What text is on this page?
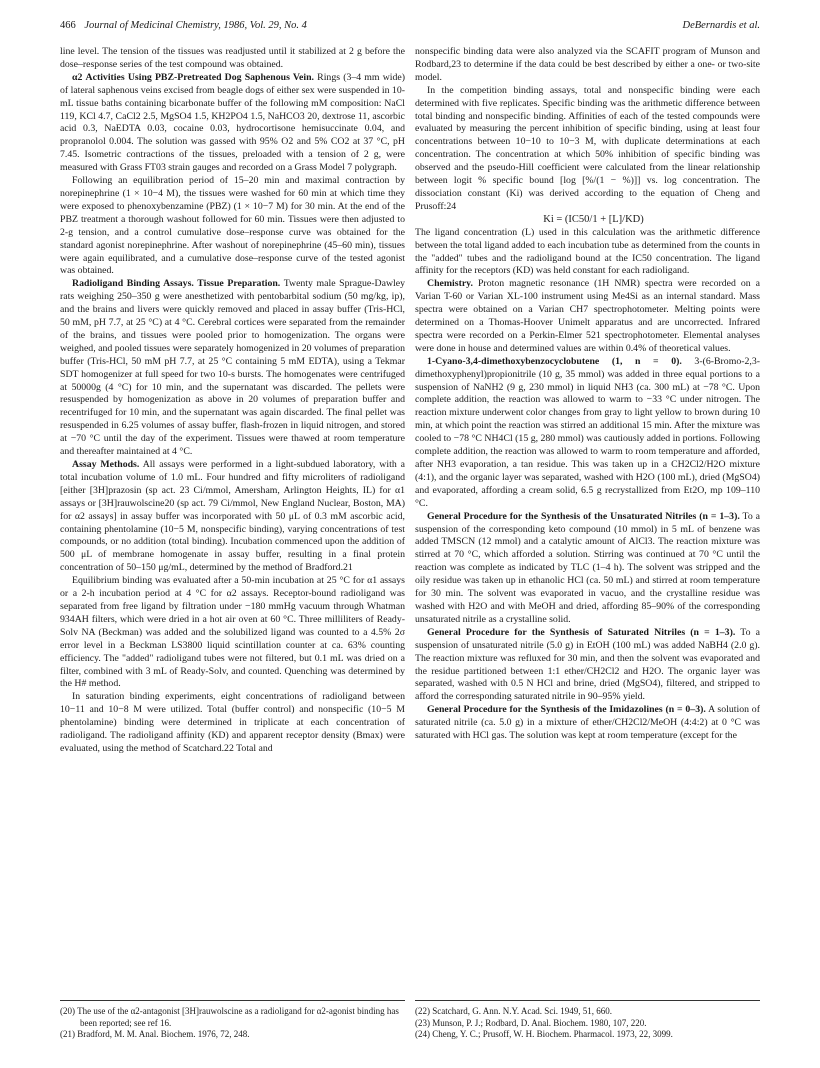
466 Journal of Medicinal Chemistry, 1986, Vol. 29, No. 4	DeBernardis et al.

line level. The tension of the tissues was readjusted until it stabilized at 2 g before the dose–response series of the test compound was obtained.

α2 Activities Using PBZ-Pretreated Dog Saphenous Vein. Rings (3–4 mm wide) of lateral saphenous veins excised from beagle dogs of either sex were suspended in 10-mL tissue baths containing bicarbonate buffer of the following mM composition: NaCl 119, KCl 4.7, CaCl2 2.5, MgSO4 1.5, KH2PO4 1.5, NaHCO3 20, dextrose 11, ascorbic acid 0.3, NaEDTA 0.03, cocaine 0.03, hydrocortisone hemisuccinate 0.04, and propranolol 0.004. The solution was gassed with 95% O2 and 5% CO2 at 37 °C, pH 7.45. Isometric contractions of the tissues, preloaded with a tension of 2 g, were measured with Grass FT03 strain gauges and recorded on a Grass Model 7 polygraph.

Following an equilibration period of 15–20 min and maximal contraction by norepinephrine (1 × 10−4 M), the tissues were washed for 60 min at which time they were exposed to phenoxybenzamine (PBZ) (1 × 10−7 M) for 30 min. At the end of the PBZ treatment a thorough washout followed for 60 min. Tissues were then adjusted to 2-g tension, and a control cumulative dose–response curve was obtained for the standard agonist norepinephrine. After washout of norepinephrine (45–60 min), tissues were again equilibrated, and a cumulative dose–response curve of the tested agonist was obtained.

Radioligand Binding Assays. Tissue Preparation. Twenty male Sprague-Dawley rats weighing 250–350 g were anesthetized with pentobarbital sodium (50 mg/kg, ip), and the brains and livers were quickly removed and placed in assay buffer (Tris-HCl, 50 mM, pH 7.7, at 25 °C) at 4 °C. Cerebral cortices were separated from the remainder of the brains, and tissues were pooled prior to homogenization. The organs were weighed, and pooled tissues were separately homogenized in 20 volumes of preparation buffer (Tris-HCl, 50 mM pH 7.7, at 25 °C containing 5 mM EDTA), using a Tekmar SDT homogenizer at full speed for two 10-s bursts. The homogenates were centrifuged at 50000g (4 °C) for 10 min, and the supernatant was discarded. The pellets were resuspended by homogenization as above in 20 volumes of preparation buffer and recentrifuged for 10 min, and the supernatant was again discarded. The final pellet was resuspended in 6.25 volumes of assay buffer, flash-frozen in liquid nitrogen, and stored at −70 °C until the day of the experiment. Tissues were thawed at room temperature and thereafter maintained at 4 °C.

Assay Methods. All assays were performed in a light-subdued laboratory, with a total incubation volume of 1.0 mL. Four hundred and fifty microliters of radioligand [either [3H]prazosin (sp act. 23 Ci/mmol, Amersham, Arlington Heights, IL) for α1 assays or [3H]rauwolscine20 (sp act. 79 Ci/mmol, New England Nuclear, Boston, MA) for α2 assays] in assay buffer was incorporated with 50 μL of 0.3 mM ascorbic acid, containing phentolamine (10−5 M, nonspecific binding), varying concentrations of test compounds, or no addition (total binding). Incubation commenced upon the addition of 500 μL of membrane homogenate in assay buffer, resulting in a final protein concentration of 50–150 μg/mL, determined by the method of Bradford.21

Equilibrium binding was evaluated after a 50-min incubation at 25 °C for α1 assays or a 2-h incubation period at 4 °C for α2 assays. Receptor-bound radioligand was separated from free ligand by filtration under −180 mmHg vacuum through Whatman 934AH filters, which were dried in a hot air oven at 60 °C. Three milliliters of Ready-Solv NA (Beckman) was added and the solubilized ligand was counted to a 4.5% 2σ error level in a Beckman LS3800 liquid scintillation counter at ca. 63% counting efficiency. The "added" radioligand tubes were not filtered, but 0.1 mL was dried on a filter, combined with 3 mL of Ready-Solv, and counted. Quenching was determined by the H# method.

In saturation binding experiments, eight concentrations of radioligand between 10−11 and 10−8 M were utilized. Total (buffer control) and nonspecific (10−5 M phentolamine) binding were determined in triplicate at each concentration of radioligand. The radioligand affinity (KD) and apparent receptor density (Bmax) were evaluated, using the method of Scatchard.22 Total and

nonspecific binding data were also analyzed via the SCAFIT program of Munson and Rodbard,23 to determine if the data could be best described by either a one- or two-site model.

In the competition binding assays, total and nonspecific binding were each determined with five replicates. Specific binding was the arithmetic difference between total binding and nonspecific binding. Affinities of each of the tested compounds were evaluated by measuring the percent inhibition of specific binding, using at least four concentrations between 10−10 to 10−3 M, with duplicate determinations at each concentration. The concentration at which 50% inhibition of specific binding was observed and the pseudo-Hill coefficient were calculated from the linear relationship between logit % specific bound [log [%/(1 − %)]] vs. log concentration. The dissociation constant (Ki) was derived according to the equation of Cheng and Prusoff:24

Ki = (IC50/1 + [L]/KD)

The ligand concentration (L) used in this calculation was the arithmetic difference between the total ligand added to each incubation tube as determined from the counts in the "added" tubes and the radioligand bound at the IC50 concentration. The ligand affinity for the receptors (KD) was held constant for each radioligand.

Chemistry. Proton magnetic resonance (1H NMR) spectra were recorded on a Varian T-60 or Varian XL-100 instrument using Me4Si as an internal standard. Mass spectra were obtained on a Varian CH7 spectrophotometer. Melting points were determined on a Thomas-Hoover Unimelt apparatus and are uncorrected. Infrared spectra were recorded on a Perkin-Elmer 521 spectrophotometer. Elemental analyses were done in house and determined values are within 0.4% of theoretical values.

1-Cyano-3,4-dimethoxybenzocyclobutene (1, n = 0). 3-(6-Bromo-2,3-dimethoxyphenyl)propionitrile (10 g, 35 mmol) was added in three equal portions to a suspension of NaNH2 (9 g, 230 mmol) in liquid NH3 (ca. 300 mL) at −78 °C. Upon complete addition, the reaction was allowed to warm to −33 °C under nitrogen. The reaction mixture underwent color changes from gray to light yellow to brown during 10 min, at which point the reaction was stirred an additional 15 min. After the mixture was cooled to −78 °C NH4Cl (15 g, 280 mmol) was cautiously added in portions. Following complete addition, the reaction was allowed to warm to room temperature and afforded, after NH3 evaporation, a tan residue. This was taken up in a CH2Cl2/H2O mixture (4:1), and the organic layer was separated, washed with H2O (100 mL), dried (MgSO4) and evaporated, affording a cream solid, 6.5 g recrystallized from Et2O, mp 109–110 °C.

General Procedure for the Synthesis of the Unsaturated Nitriles (n = 1–3). To a suspension of the corresponding keto compound (10 mmol) in 5 mL of benzene was added TMSCN (12 mmol) and a catalytic amount of AlCl3. The reaction mixture was stirred at 70 °C, which afforded a solution. Stirring was continued at 70 °C until the reaction was complete as indicated by TLC (1–4 h). The solvent was stripped and the oily residue was taken up in ethanolic HCl (ca. 50 mL) and stirred at room temperature for 30 min. The solvent was evaporated in vacuo, and the crystalline residue was washed with H2O and with MeOH and dried, affording 85–90% of the corresponding unsaturated nitrile as a crystalline solid.

General Procedure for the Synthesis of Saturated Nitriles (n = 1–3). To a suspension of unsaturated nitrile (5.0 g) in EtOH (100 mL) was added NaBH4 (2.0 g). The reaction mixture was refluxed for 30 min, and then the solvent was evaporated and the residue partitioned between 1:1 ether/CH2Cl2 and H2O. The organic layer was separated, washed with 0.5 N HCl and brine, dried (MgSO4), filtered, and stripped to afford the corresponding saturated nitrile in 90–95% yield.

General Procedure for the Synthesis of the Imidazolines (n = 0–3). A solution of saturated nitrile (ca. 5.0 g) in a mixture of ether/CH2Cl2/MeOH (4:4:2) at 0 °C was saturated with HCl gas. The solution was kept at room temperature (except for the

(20) The use of the α2-antagonist [3H]rauwolscine as a radioligand for α2-agonist binding has been reported; see ref 16.
(21) Bradford, M. M. Anal. Biochem. 1976, 72, 248.
(22) Scatchard, G. Ann. N.Y. Acad. Sci. 1949, 51, 660.
(23) Munson, P. J.; Rodbard, D. Anal. Biochem. 1980, 107, 220.
(24) Cheng, Y. C.; Prusoff, W. H. Biochem. Pharmacol. 1973, 22, 3099.
